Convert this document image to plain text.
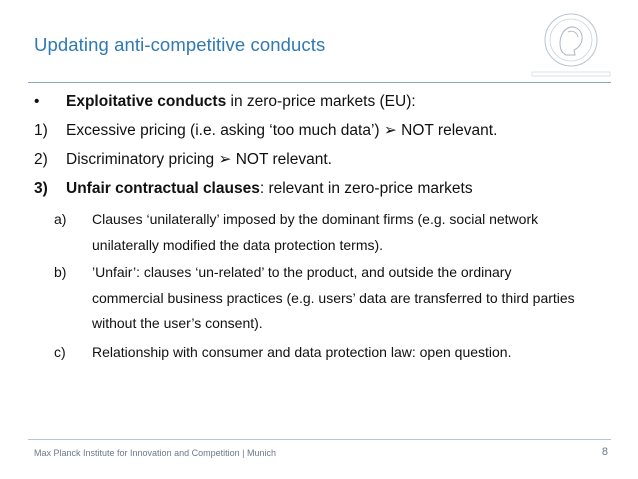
Updating anti-competitive conducts
• Exploitative conducts in zero-price markets (EU):
1) Excessive pricing (i.e. asking ‘too much data’) ➢ NOT relevant.
2) Discriminatory pricing ➢ NOT relevant.
3) Unfair contractual clauses: relevant in zero-price markets
a) Clauses ‘unilaterally’ imposed by the dominant firms (e.g. social network
unilaterally modified the data protection terms).
b) ’Unfair’: clauses ‘un-related’ to the product, and outside the ordinary
commercial business practices (e.g. users’ data are transferred to third parties
without the user’s consent).
c) Relationship with consumer and data protection law: open question.
Max Planck Institute for Innovation and Competition | Munich	8
